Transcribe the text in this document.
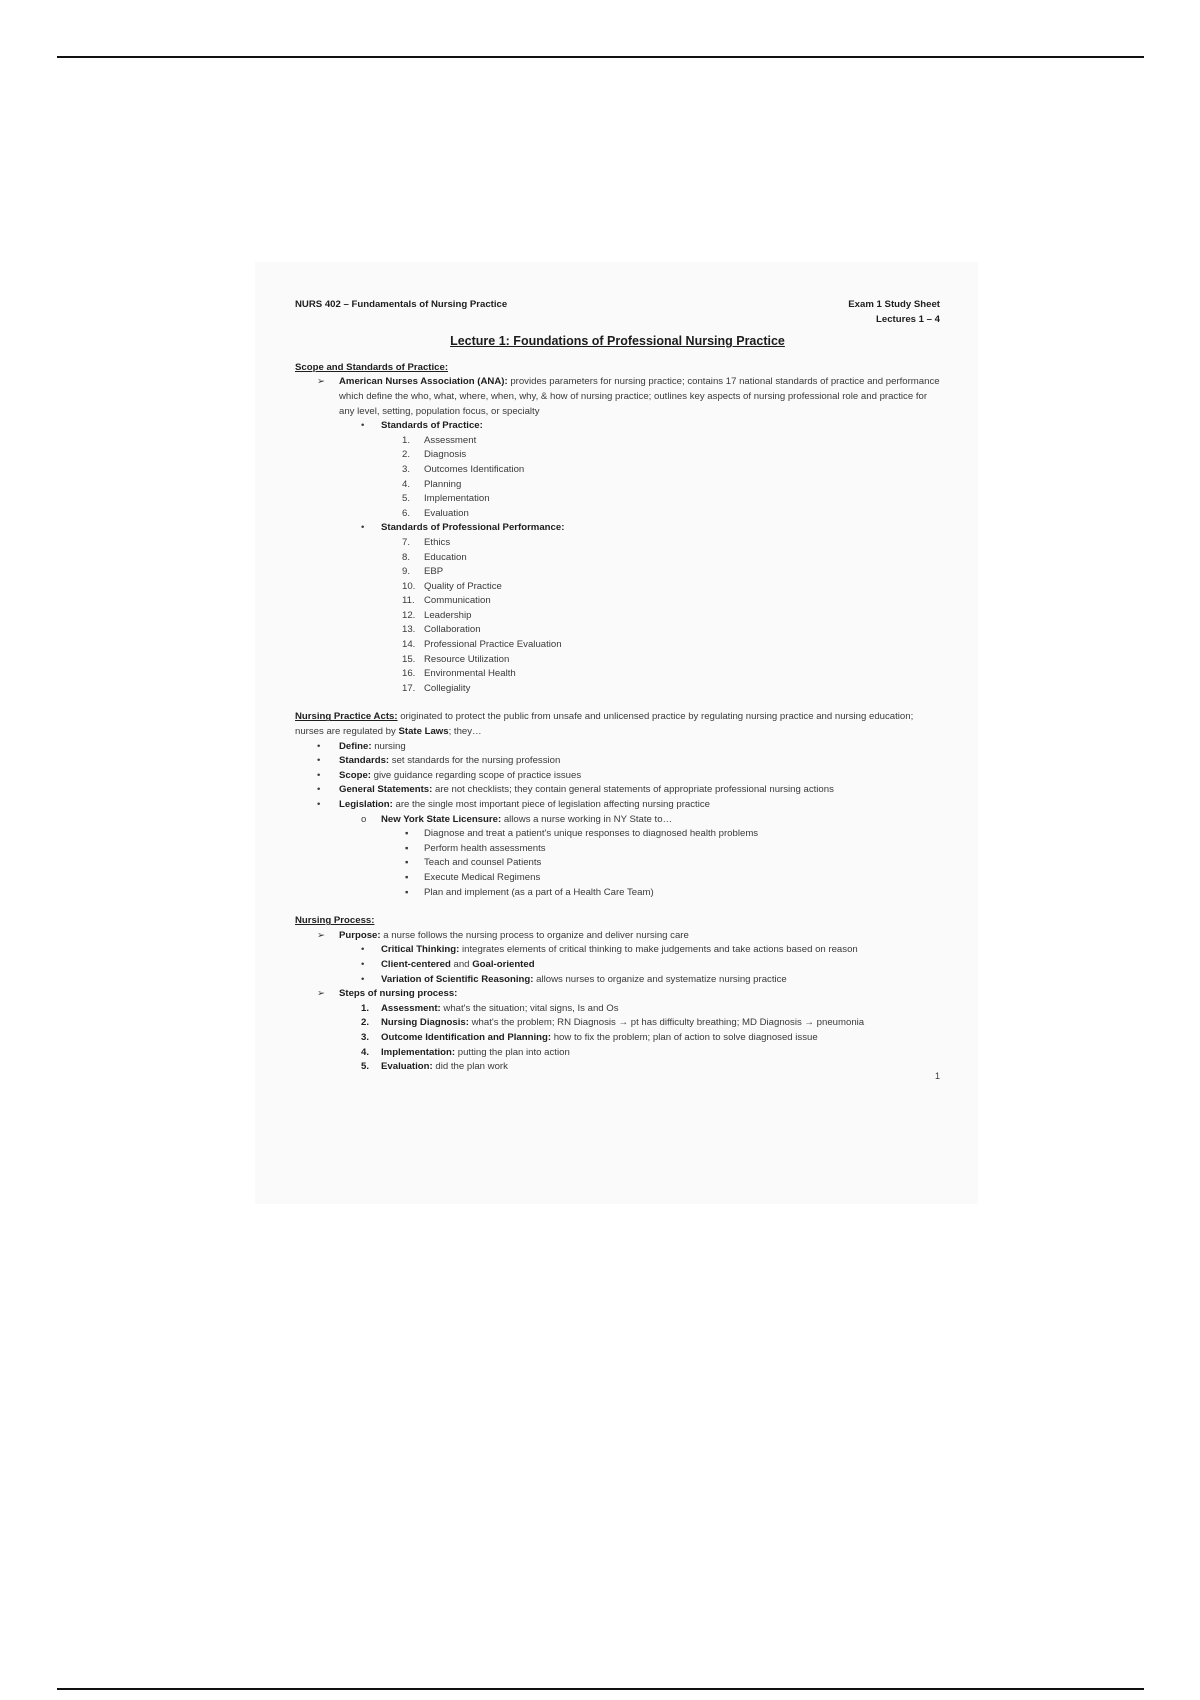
NURS 402 – Fundamentals of Nursing Practice	Exam 1 Study Sheet
Lectures 1 – 4
Lecture 1: Foundations of Professional Nursing Practice
Scope and Standards of Practice:
➢ American Nurses Association (ANA): provides parameters for nursing practice; contains 17 national standards of practice and performance which define the who, what, where, when, why, & how of nursing practice; outlines key aspects of nursing professional role and practice for any level, setting, population focus, or specialty
• Standards of Practice:
1. Assessment
2. Diagnosis
3. Outcomes Identification
4. Planning
5. Implementation
6. Evaluation
• Standards of Professional Performance:
7. Ethics
8. Education
9. EBP
10. Quality of Practice
11. Communication
12. Leadership
13. Collaboration
14. Professional Practice Evaluation
15. Resource Utilization
16. Environmental Health
17. Collegiality
Nursing Practice Acts: originated to protect the public from unsafe and unlicensed practice by regulating nursing practice and nursing education; nurses are regulated by State Laws; they…
• Define: nursing
• Standards: set standards for the nursing profession
• Scope: give guidance regarding scope of practice issues
• General Statements: are not checklists; they contain general statements of appropriate professional nursing actions
• Legislation: are the single most important piece of legislation affecting nursing practice
o New York State Licensure: allows a nurse working in NY State to…
▪ Diagnose and treat a patient's unique responses to diagnosed health problems
▪ Perform health assessments
▪ Teach and counsel Patients
▪ Execute Medical Regimens
▪ Plan and implement (as a part of a Health Care Team)
Nursing Process:
➢ Purpose: a nurse follows the nursing process to organize and deliver nursing care
• Critical Thinking: integrates elements of critical thinking to make judgements and take actions based on reason
• Client-centered and Goal-oriented
• Variation of Scientific Reasoning: allows nurses to organize and systematize nursing practice
➢ Steps of nursing process:
1. Assessment: what's the situation; vital signs, Is and Os
2. Nursing Diagnosis: what's the problem; RN Diagnosis → pt has difficulty breathing; MD Diagnosis → pneumonia
3. Outcome Identification and Planning: how to fix the problem; plan of action to solve diagnosed issue
4. Implementation: putting the plan into action
5. Evaluation: did the plan work
1
